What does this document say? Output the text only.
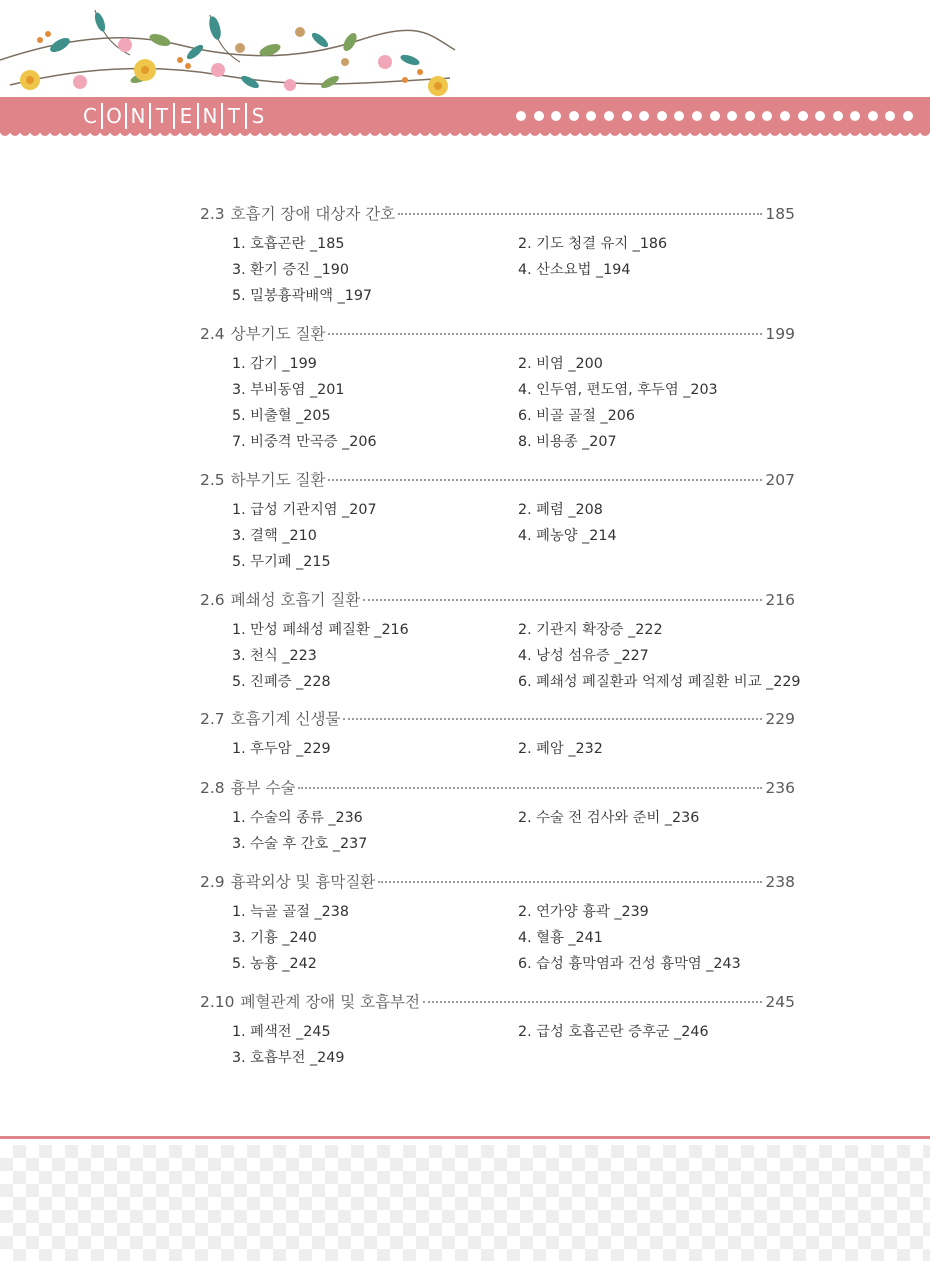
C O N T E N T S
2.3 호흡기 장애 대상자 간호	185
1. 호흡곤란 _185	2. 기도 청결 유지 _186
3. 환기 증진 _190	4. 산소요법 _194
5. 밀봉흉곽배액 _197
2.4 상부기도 질환	199
1. 감기 _199	2. 비염 _200
3. 부비동염 _201	4. 인두염, 편도염, 후두염 _203
5. 비출혈 _205	6. 비골 골절 _206
7. 비중격 만곡증 _206	8. 비용종 _207
2.5 하부기도 질환	207
1. 급성 기관지염 _207	2. 폐렴 _208
3. 결핵 _210	4. 폐농양 _214
5. 무기폐 _215
2.6 폐쇄성 호흡기 질환	216
1. 만성 폐쇄성 폐질환 _216	2. 기관지 확장증 _222
3. 천식 _223	4. 낭성 섬유증 _227
5. 진폐증 _228	6. 폐쇄성 폐질환과 억제성 폐질환 비교 _229
2.7 호흡기계 신생물	229
1. 후두암 _229	2. 폐암 _232
2.8 흉부 수술	236
1. 수술의 종류 _236	2. 수술 전 검사와 준비 _236
3. 수술 후 간호 _237
2.9 흉곽외상 및 흉막질환	238
1. 늑골 골절 _238	2. 연가양 흉곽 _239
3. 기흉 _240	4. 혈흉 _241
5. 농흉 _242	6. 습성 흉막염과 건성 흉막염 _243
2.10 폐혈관계 장애 및 호흡부전	245
1. 폐색전 _245	2. 급성 호흡곤란 증후군 _246
3. 호흡부전 _249
